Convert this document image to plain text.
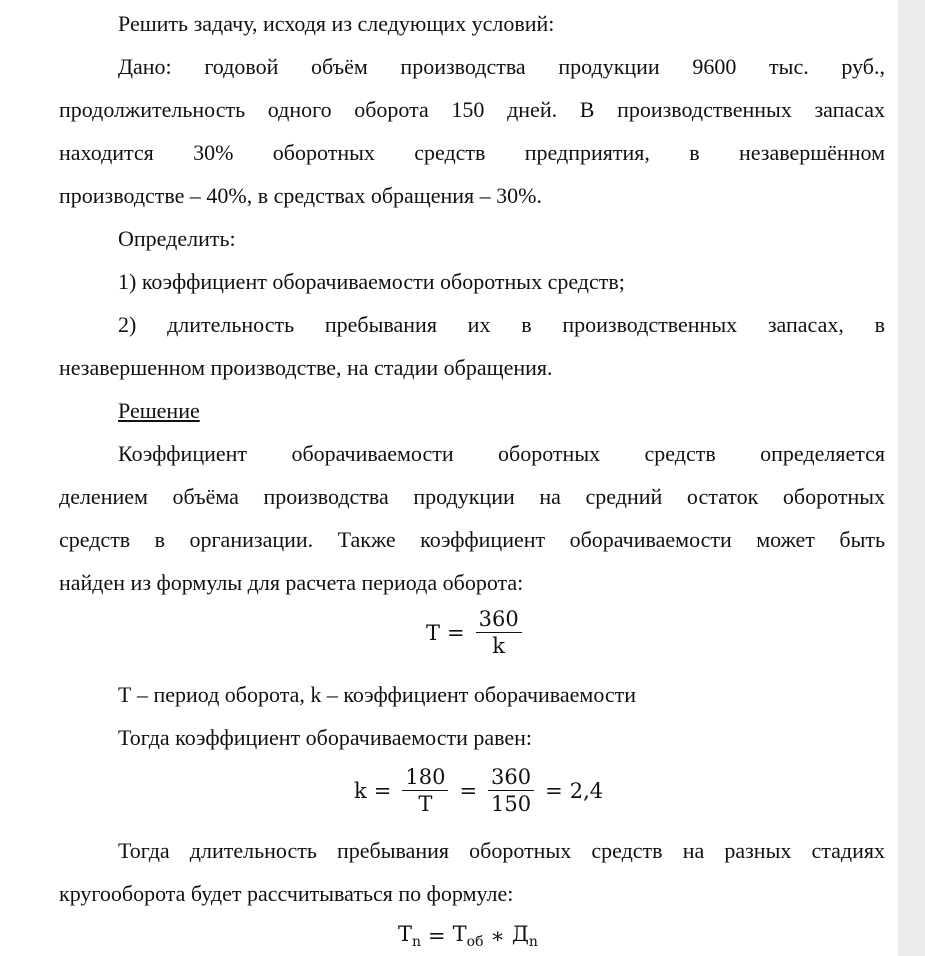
Решить задачу, исходя из следующих условий:
Дано: годовой объём производства продукции 9600 тыс. руб.,
продолжительность одного оборота 150 дней. В производственных запасах
находится 30% оборотных средств предприятия, в незавершённом
производстве – 40%, в средствах обращения – 30%.
Определить:
1) коэффициент оборачиваемости оборотных средств;
2) длительность пребывания их в производственных запасах, в
незавершенном производстве, на стадии обращения.
Решение
Коэффициент оборачиваемости оборотных средств определяется
делением объёма производства продукции на средний остаток оборотных
средств в организации. Также коэффициент оборачиваемости может быть
найден из формулы для расчета периода оборота:
$Т = \frac{360}{k}$
Т – период оборота, k – коэффициент оборачиваемости
Тогда коэффициент оборачиваемости равен:
$k = \frac{180}{Т} = \frac{360}{150} = 2,4$
Тогда длительность пребывания оборотных средств на разных стадиях
кругооборота будет рассчитываться по формуле:
$Т_n = Т_{об}$ ∗ $Д_n$
